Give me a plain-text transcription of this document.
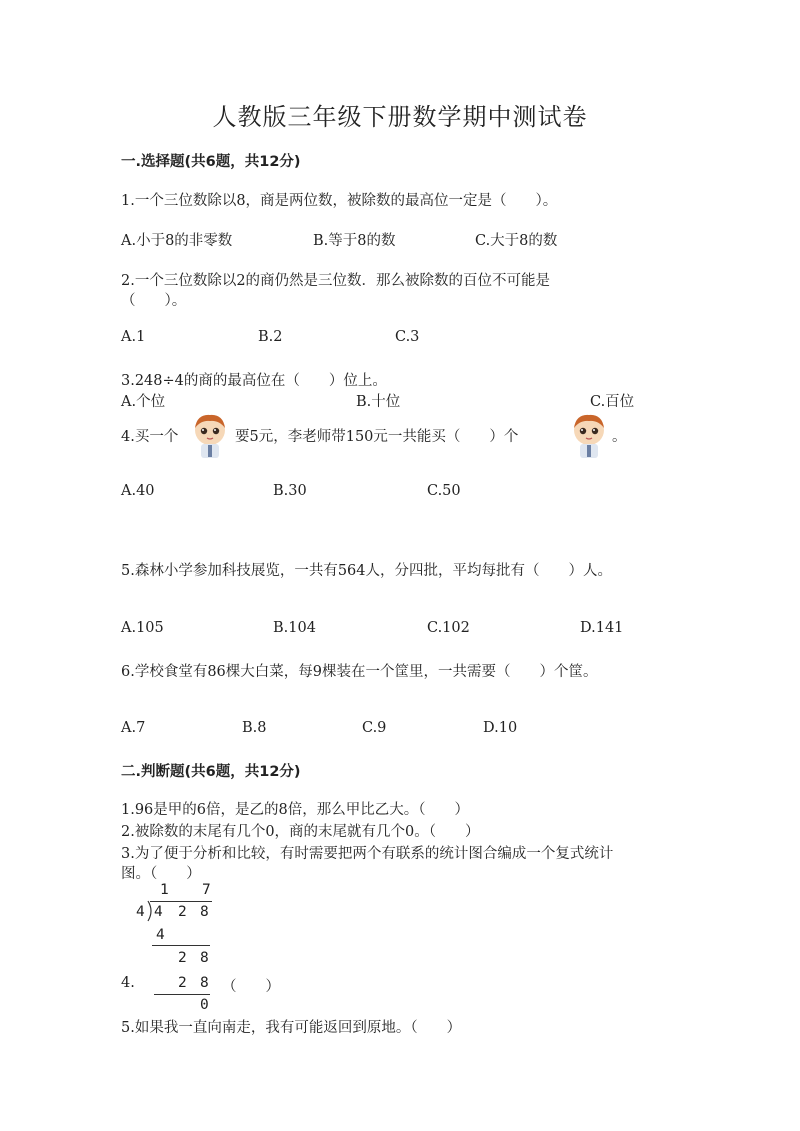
人教版三年级下册数学期中测试卷
一.选择题(共6题，共12分)
1.一个三位数除以8，商是两位数，被除数的最高位一定是（　　）。
A.小于8的非零数	B.等于8的数	C.大于8的数
2.一个三位数除以2的商仍然是三位数．那么被除数的百位不可能是
（　　）。
A.1	B.2	C.3
3.248÷4的商的最高位在（　　）位上。
A.个位	B.十位	C.百位
4.买一个	要5元，李老师带150元一共能买（　　）个	。
A.40	B.30	C.50
5.森林小学参加科技展览，一共有564人，分四批，平均每批有（　　）人。
A.105	B.104	C.102	D.141
6.学校食堂有86棵大白菜，每9棵装在一个筐里，一共需要（　　）个筐。
A.7	B.8	C.9	D.10
二.判断题(共6题，共12分)
1.96是甲的6倍，是乙的8倍，那么甲比乙大。（　　）
2.被除数的末尾有几个0，商的末尾就有几个0。（　　）
3.为了便于分析和比较，有时需要把两个有联系的统计图合编成一个复式统计
图。（　　）
1 7
4 4 2 8
4
2 8
2 8
0
4.	（　　）
5.如果我一直向南走，我有可能返回到原地。（　　）
